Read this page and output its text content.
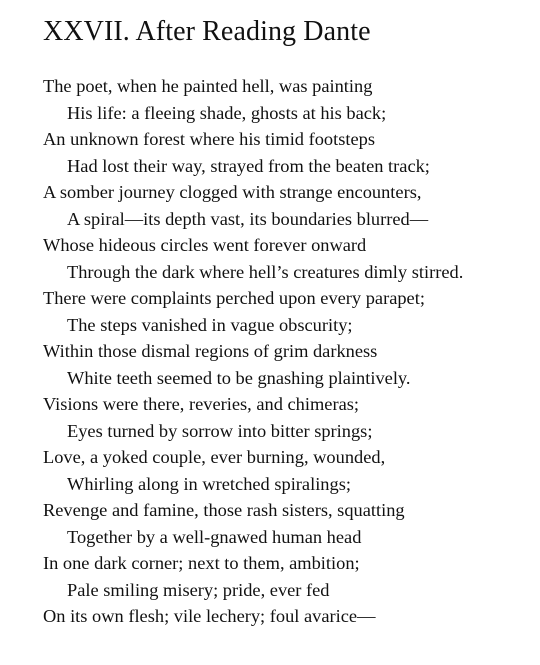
XXVII. After Reading Dante
The poet, when he painted hell, was painting
His life: a fleeing shade, ghosts at his back;
An unknown forest where his timid footsteps
Had lost their way, strayed from the beaten track;
A somber journey clogged with strange encounters,
A spiral—its depth vast, its boundaries blurred—
Whose hideous circles went forever onward
Through the dark where hell’s creatures dimly stirred.
There were complaints perched upon every parapet;
The steps vanished in vague obscurity;
Within those dismal regions of grim darkness
White teeth seemed to be gnashing plaintively.
Visions were there, reveries, and chimeras;
Eyes turned by sorrow into bitter springs;
Love, a yoked couple, ever burning, wounded,
Whirling along in wretched spiralings;
Revenge and famine, those rash sisters, squatting
Together by a well-gnawed human head
In one dark corner; next to them, ambition;
Pale smiling misery; pride, ever fed
On its own flesh; vile lechery; foul avarice—
